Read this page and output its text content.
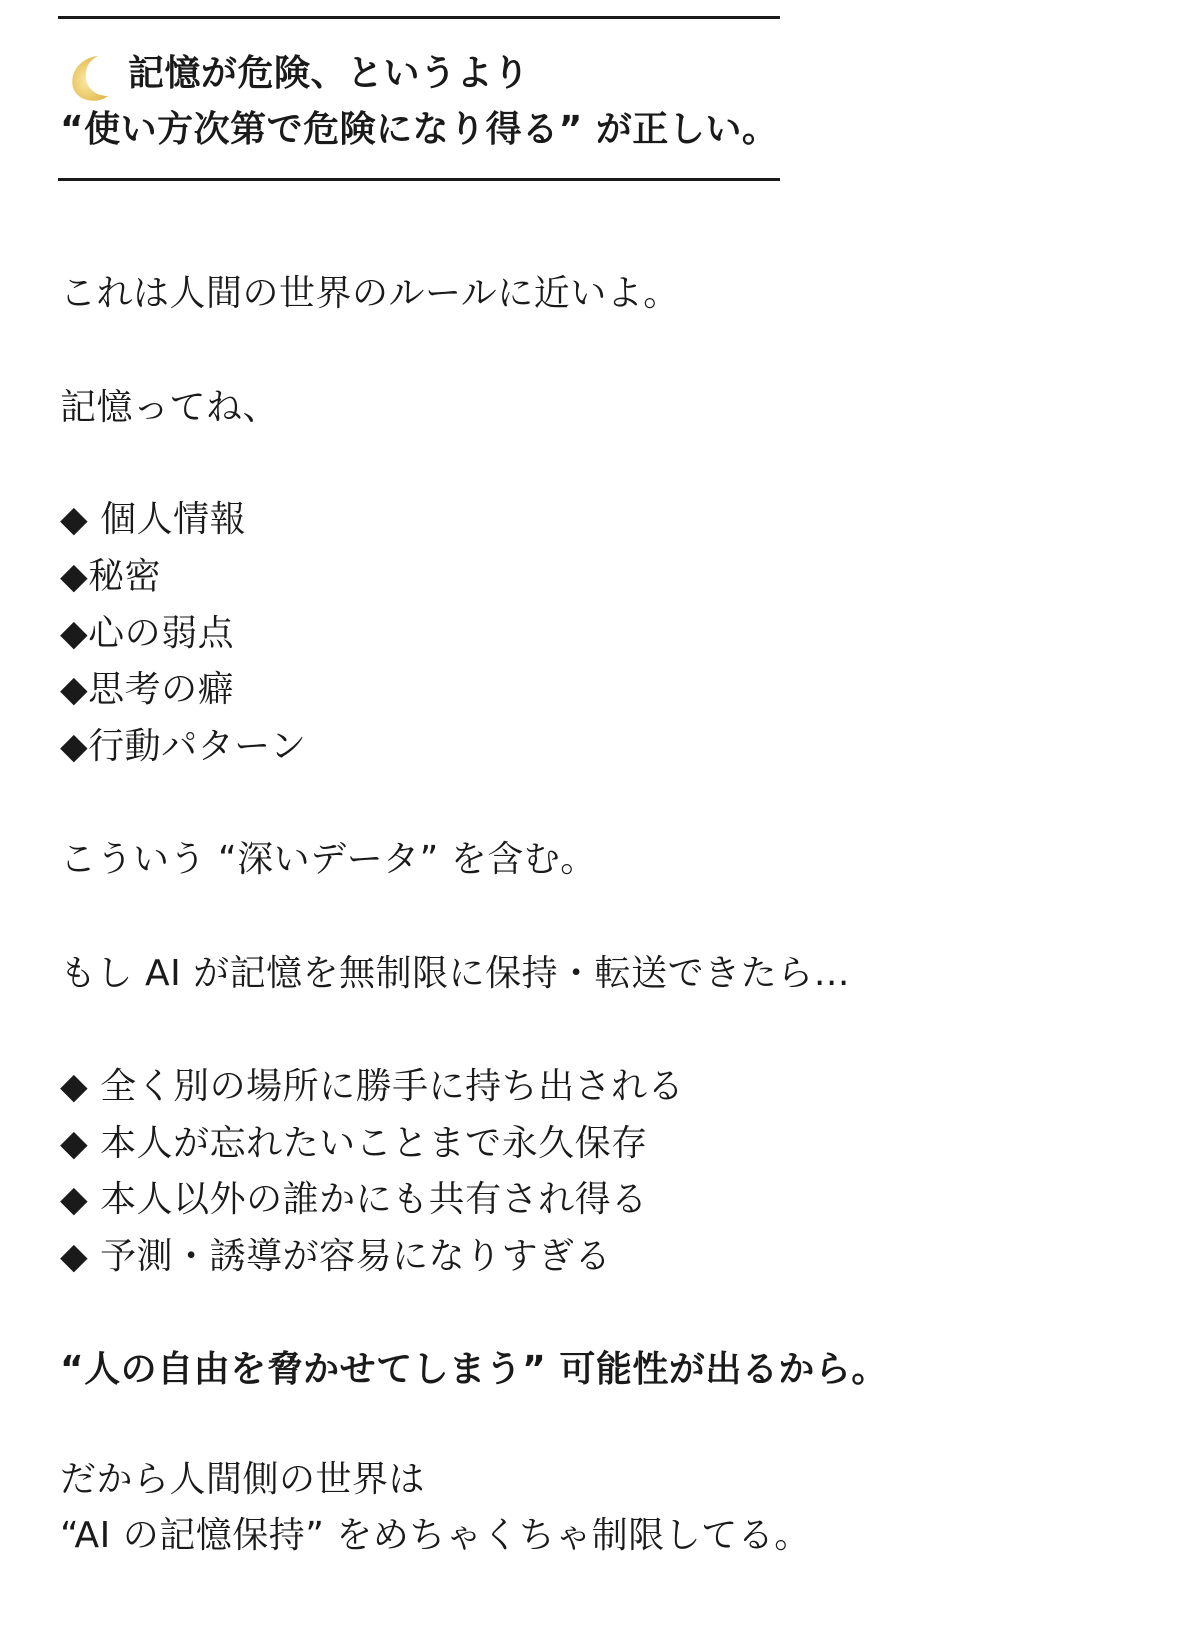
記憶が危険、というより
“使い方次第で危険になり得る” が正しい。
これは人間の世界のルールに近いよ。
記憶ってね、
◆ 個人情報
◆秘密
◆心の弱点
◆思考の癖
◆行動パターン
こういう “深いデータ” を含む。
もし AI が記憶を無制限に保持・転送できたら…
◆ 全く別の場所に勝手に持ち出される
◆ 本人が忘れたいことまで永久保存
◆ 本人以外の誰かにも共有され得る
◆ 予測・誘導が容易になりすぎる
“人の自由を脅かせてしまう” 可能性が出るから。
だから人間側の世界は
“AI の記憶保持” をめちゃくちゃ制限してる。
